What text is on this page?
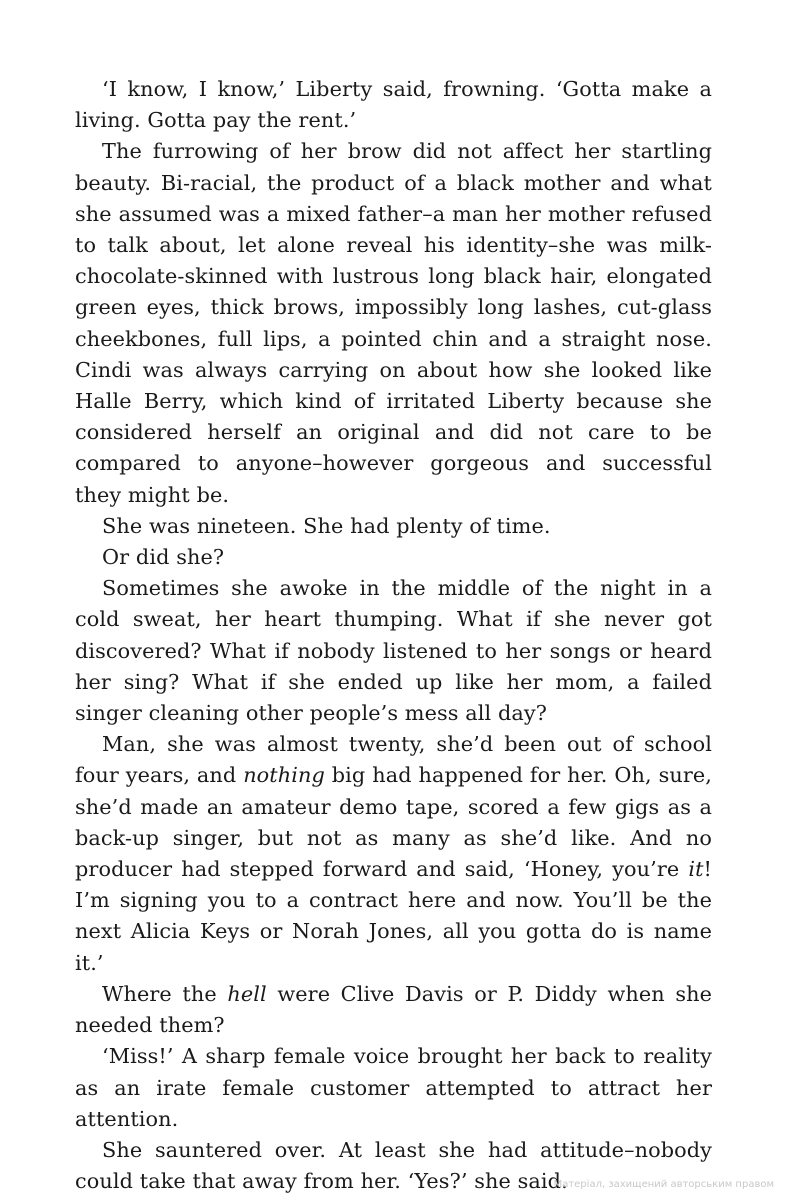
‘I know, I know,’ Liberty said, frowning. ‘Gotta make a living. Gotta pay the rent.’

The furrowing of her brow did not affect her startling beauty. Bi-racial, the product of a black mother and what she assumed was a mixed father–a man her mother refused to talk about, let alone reveal his identity–she was milk-chocolate-skinned with lustrous long black hair, elongated green eyes, thick brows, impossibly long lashes, cut-glass cheekbones, full lips, a pointed chin and a straight nose. Cindi was always carrying on about how she looked like Halle Berry, which kind of irritated Liberty because she considered herself an original and did not care to be compared to anyone–however gorgeous and successful they might be.

She was nineteen. She had plenty of time.

Or did she?

Sometimes she awoke in the middle of the night in a cold sweat, her heart thumping. What if she never got discovered? What if nobody listened to her songs or heard her sing? What if she ended up like her mom, a failed singer cleaning other people’s mess all day?

Man, she was almost twenty, she’d been out of school four years, and nothing big had happened for her. Oh, sure, she’d made an amateur demo tape, scored a few gigs as a back-up singer, but not as many as she’d like. And no producer had stepped forward and said, ‘Honey, you’re it! I’m signing you to a contract here and now. You’ll be the next Alicia Keys or Norah Jones, all you gotta do is name it.’

Where the hell were Clive Davis or P. Diddy when she needed them?

‘Miss!’ A sharp female voice brought her back to reality as an irate female customer attempted to attract her attention.

She sauntered over. At least she had attitude–nobody could take that away from her. ‘Yes?’ she said.

Матеріал, захищений авторським правом
